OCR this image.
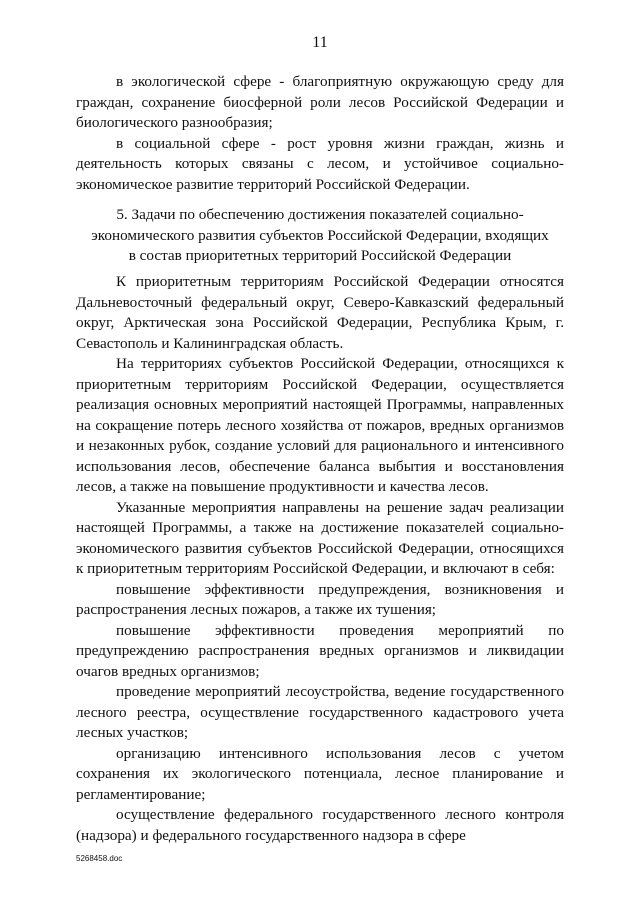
11

в экологической сфере - благоприятную окружающую среду для граждан, сохранение биосферной роли лесов Российской Федерации и биологического разнообразия;

в социальной сфере - рост уровня жизни граждан, жизнь и деятельность которых связаны с лесом, и устойчивое социально-экономическое развитие территорий Российской Федерации.

5. Задачи по обеспечению достижения показателей социально-

экономического развития субъектов Российской Федерации, входящих

в состав приоритетных территорий Российской Федерации

К приоритетным территориям Российской Федерации относятся Дальневосточный федеральный округ, Северо-Кавказский федеральный округ, Арктическая зона Российской Федерации, Республика Крым, г. Севастополь и Калининградская область.

На территориях субъектов Российской Федерации, относящихся к приоритетным территориям Российской Федерации, осуществляется реализация основных мероприятий настоящей Программы, направленных на сокращение потерь лесного хозяйства от пожаров, вредных организмов и незаконных рубок, создание условий для рационального и интенсивного использования лесов, обеспечение баланса выбытия и восстановления лесов, а также на повышение продуктивности и качества лесов.

Указанные мероприятия направлены на решение задач реализации настоящей Программы, а также на достижение показателей социально-экономического развития субъектов Российской Федерации, относящихся к приоритетным территориям Российской Федерации, и включают в себя:

повышение эффективности предупреждения, возникновения и распространения лесных пожаров, а также их тушения;

повышение эффективности проведения мероприятий по предупреждению распространения вредных организмов и ликвидации очагов вредных организмов;

проведение мероприятий лесоустройства, ведение государственного лесного реестра, осуществление государственного кадастрового учета лесных участков;

организацию интенсивного использования лесов с учетом сохранения их экологического потенциала, лесное планирование и регламентирование;

осуществление федерального государственного лесного контроля (надзора) и федерального государственного надзора в сфере

5268458.doc
